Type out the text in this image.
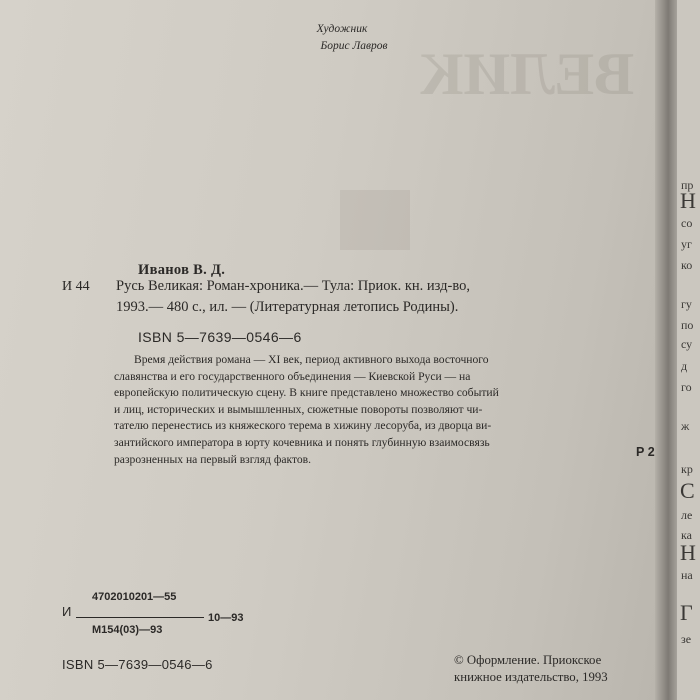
ВЕЛИК
Художник
Борис Лавров
Иванов В. Д.
И 44 Русь Великая: Роман-хроника.— Тула: Приок. кн. изд-во,
1993.— 480 с., ил. — (Литературная летопись Родины).
ISBN 5—7639—0546—6
Время действия романа — XI век, период активного выхода восточного
славянства и его государственного объединения — Киевской Руси — на
европейскую политическую сцену. В книге представлено множество событий
и лиц, исторических и вымышленных, сюжетные повороты позволяют чи-
тателю перенестись из княжеского терема в хижину лесоруба, из дворца ви-
зантийского императора в юрту кочевника и понять глубинную взаимосвязь
разрозненных на первый взгляд фактов.
Р 2
4702010201—55
И
М154(03)—93
10—93
ISBN 5—7639—0546—6	© Оформление. Приокское
книжное издательство, 1993
пр
Н
со
уг
ко
гу
по
су
д
го
ж
кр
С
ле
ка
Н
на
Г
зе
